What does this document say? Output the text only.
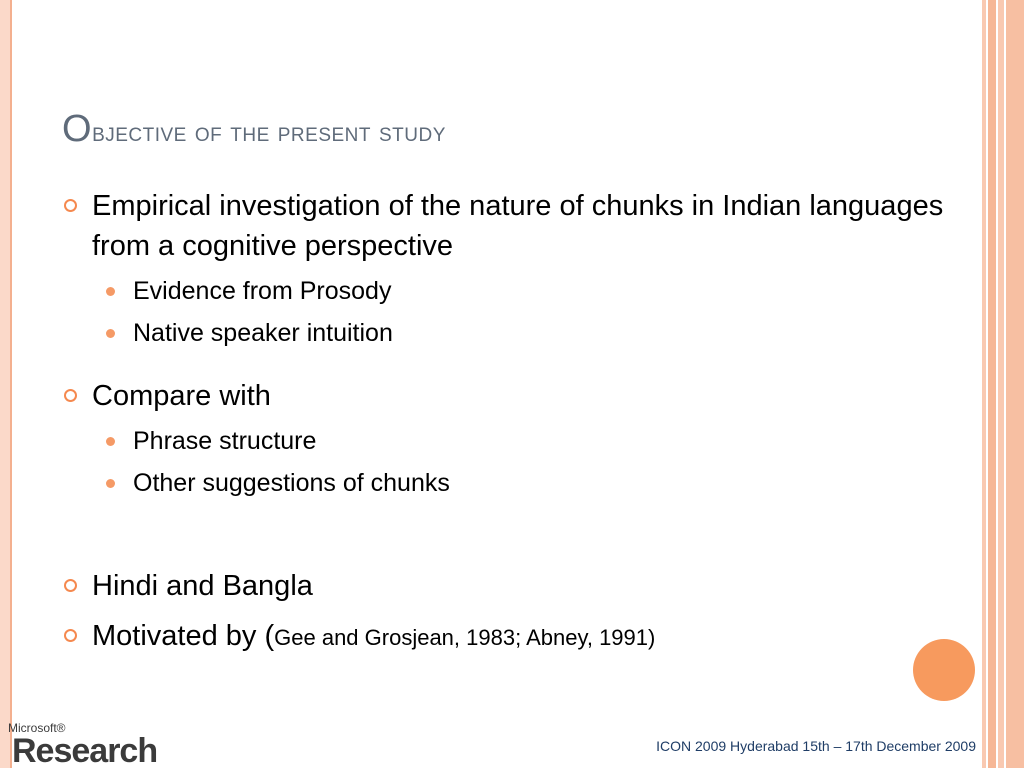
Objective of the present study
Empirical investigation of the nature of chunks in Indian languages from a cognitive perspective
Evidence from Prosody
Native speaker intuition
Compare with
Phrase structure
Other suggestions of chunks
Hindi and Bangla
Motivated by (Gee and Grosjean, 1983; Abney, 1991)
Microsoft®
Research	ICON 2009 Hyderabad 15th – 17th December 2009
